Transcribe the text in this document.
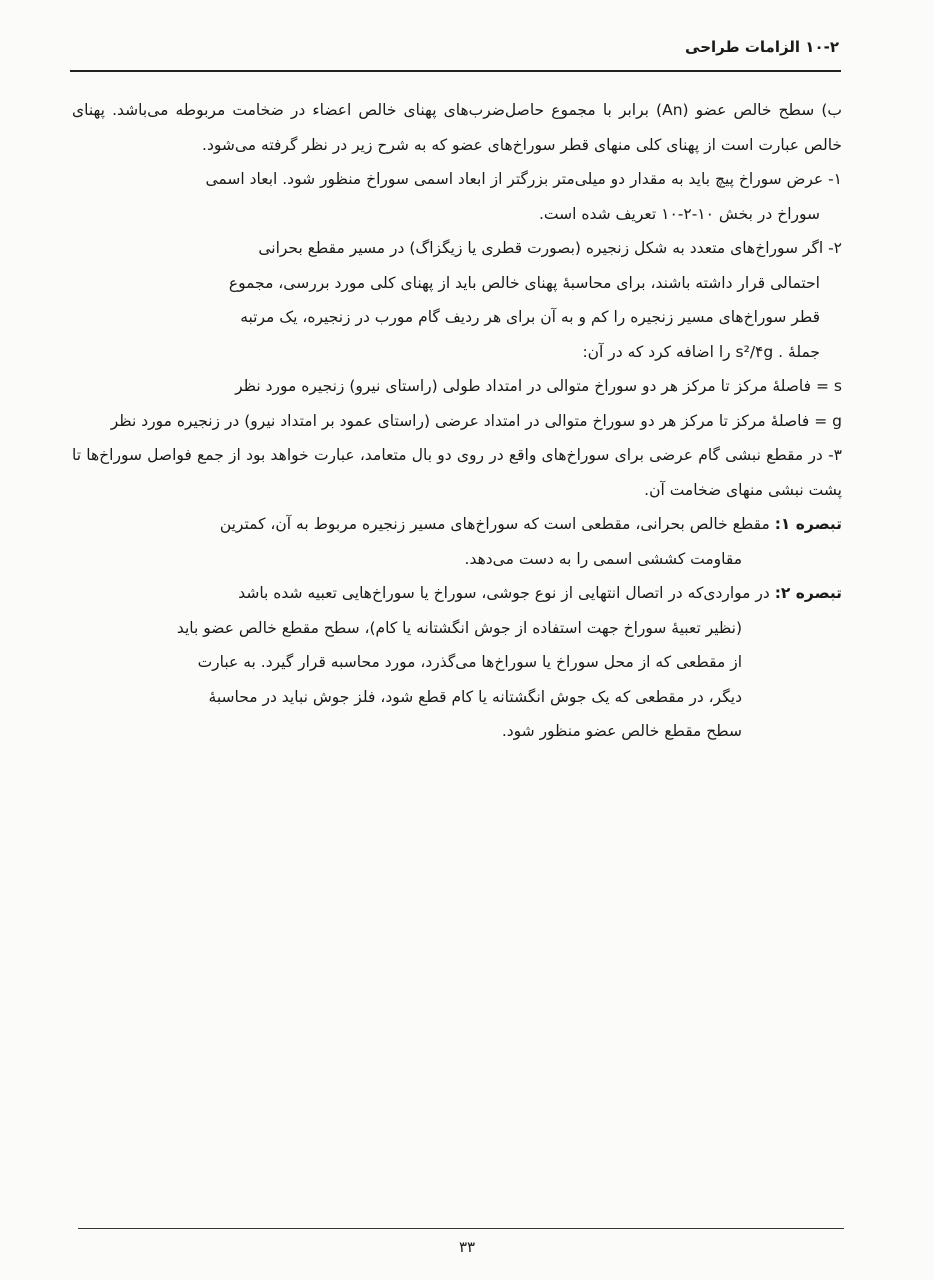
۱۰-۲ الزامات طراحی

ب) سطح خالص عضو (An) برابر با مجموع حاصل‌ضرب‌های پهنای خالص اعضاء در ضخامت مربوطه می‌باشد. پهنای خالص عبارت است از پهنای کلی منهای قطر سوراخ‌های عضو که به شرح زیر در نظر گرفته می‌شود.

۱- عرض سوراخ پیچ باید به مقدار دو میلی‌متر بزرگتر از ابعاد اسمی سوراخ منظور شود. ابعاد اسمی

سوراخ در بخش ۱۰-۲-۱۰ تعریف شده است.

۲- اگر سوراخ‌های متعدد به شکل زنجیره (بصورت قطری یا زیگزاگ) در مسیر مقطع بحرانی

احتمالی قرار داشته باشند، برای محاسبهٔ پهنای خالص باید از پهنای کلی مورد بررسی، مجموع

قطر سوراخ‌های مسیر زنجیره را کم و به آن برای هر ردیف گام مورب در زنجیره، یک مرتبه

جملهٔ . s²/۴g را اضافه کرد که در آن:

s = فاصلهٔ مرکز تا مرکز هر دو سوراخ متوالی در امتداد طولی (راستای نیرو) زنجیره مورد نظر

g = فاصلهٔ مرکز تا مرکز هر دو سوراخ متوالی در امتداد عرضی (راستای عمود بر امتداد نیرو) در زنجیره مورد نظر

۳- در مقطع نبشی گام عرضی برای سوراخ‌های واقع در روی دو بال متعامد، عبارت خواهد بود از جمع فواصل سوراخ‌ها تا پشت نبشی منهای ضخامت آن.

تبصره ۱: مقطع خالص بحرانی، مقطعی است که سوراخ‌های مسیر زنجیره مربوط به آن، کمترین

مقاومت کششی اسمی را به دست می‌دهد.

تبصره ۲: در مواردی‌که در اتصال انتهایی از نوع جوشی، سوراخ یا سوراخ‌هایی تعبیه شده باشد

(نظیر تعبیهٔ سوراخ جهت استفاده از جوش انگشتانه یا کام)، سطح مقطع خالص عضو باید

از مقطعی که از محل سوراخ یا سوراخ‌ها می‌گذرد، مورد محاسبه قرار گیرد. به عبارت

دیگر، در مقطعی که یک جوش انگشتانه یا کام قطع شود، فلز جوش نباید در محاسبهٔ

سطح مقطع خالص عضو منظور شود.

۳۳
